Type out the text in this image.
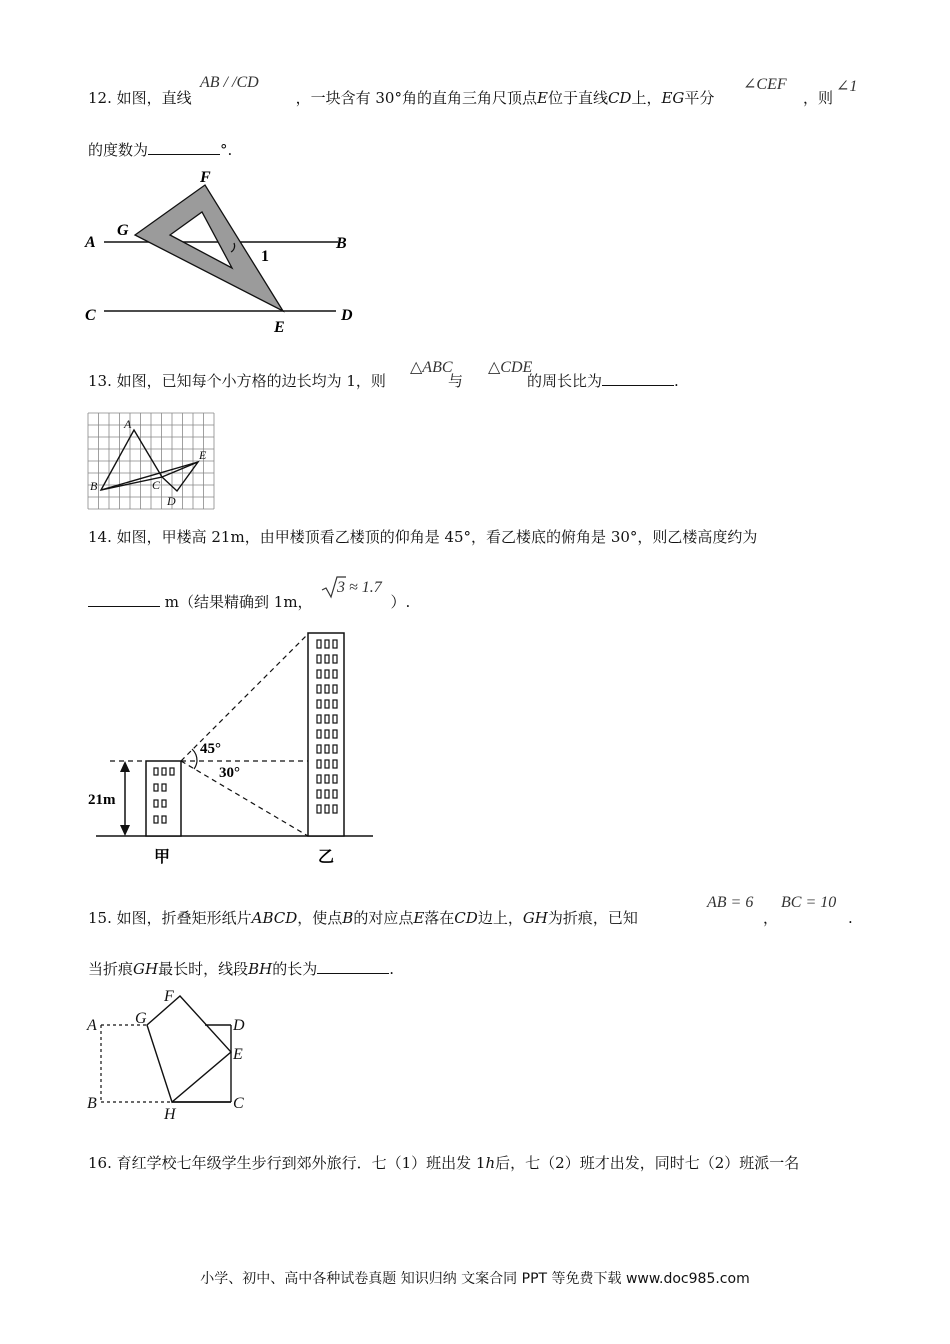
12. 如图，直线	，一块含有 30°角的直角三角尺顶点E位于直线CD上，EG平分
AB / /CD	∠CEF
，则
∠1
的度数为	°.
A	B
C	D
E
F
G
1
13. 如图，已知每个小方格的边长均为 1，则	与	的周长比为	.
△ABC △CDE
A
B	C
D
E
14. 如图，甲楼高 21m，由甲楼顶看乙楼顶的仰角是 45°，看乙楼底的俯角是 30°，则乙楼高度约为
m（结果精确到 1m，	）.
3 ≈ 1.7
45°
30°
21m
甲	乙
15. 如图，折叠矩形纸片ABCD，使点B的对应点E落在CD边上，GH为折痕，已知
AB = 6
，
BC = 10
.
当折痕GH最长时，线段BH的长为	.
A
B	C
D
E
F
G
H
16. 育红学校七年级学生步行到郊外旅行．七（1）班出发 1h后，七（2）班才出发，同时七（2）班派一名
小学、初中、高中各种试卷真题 知识归纳 文案合同 PPT 等免费下载 www.doc985.com
